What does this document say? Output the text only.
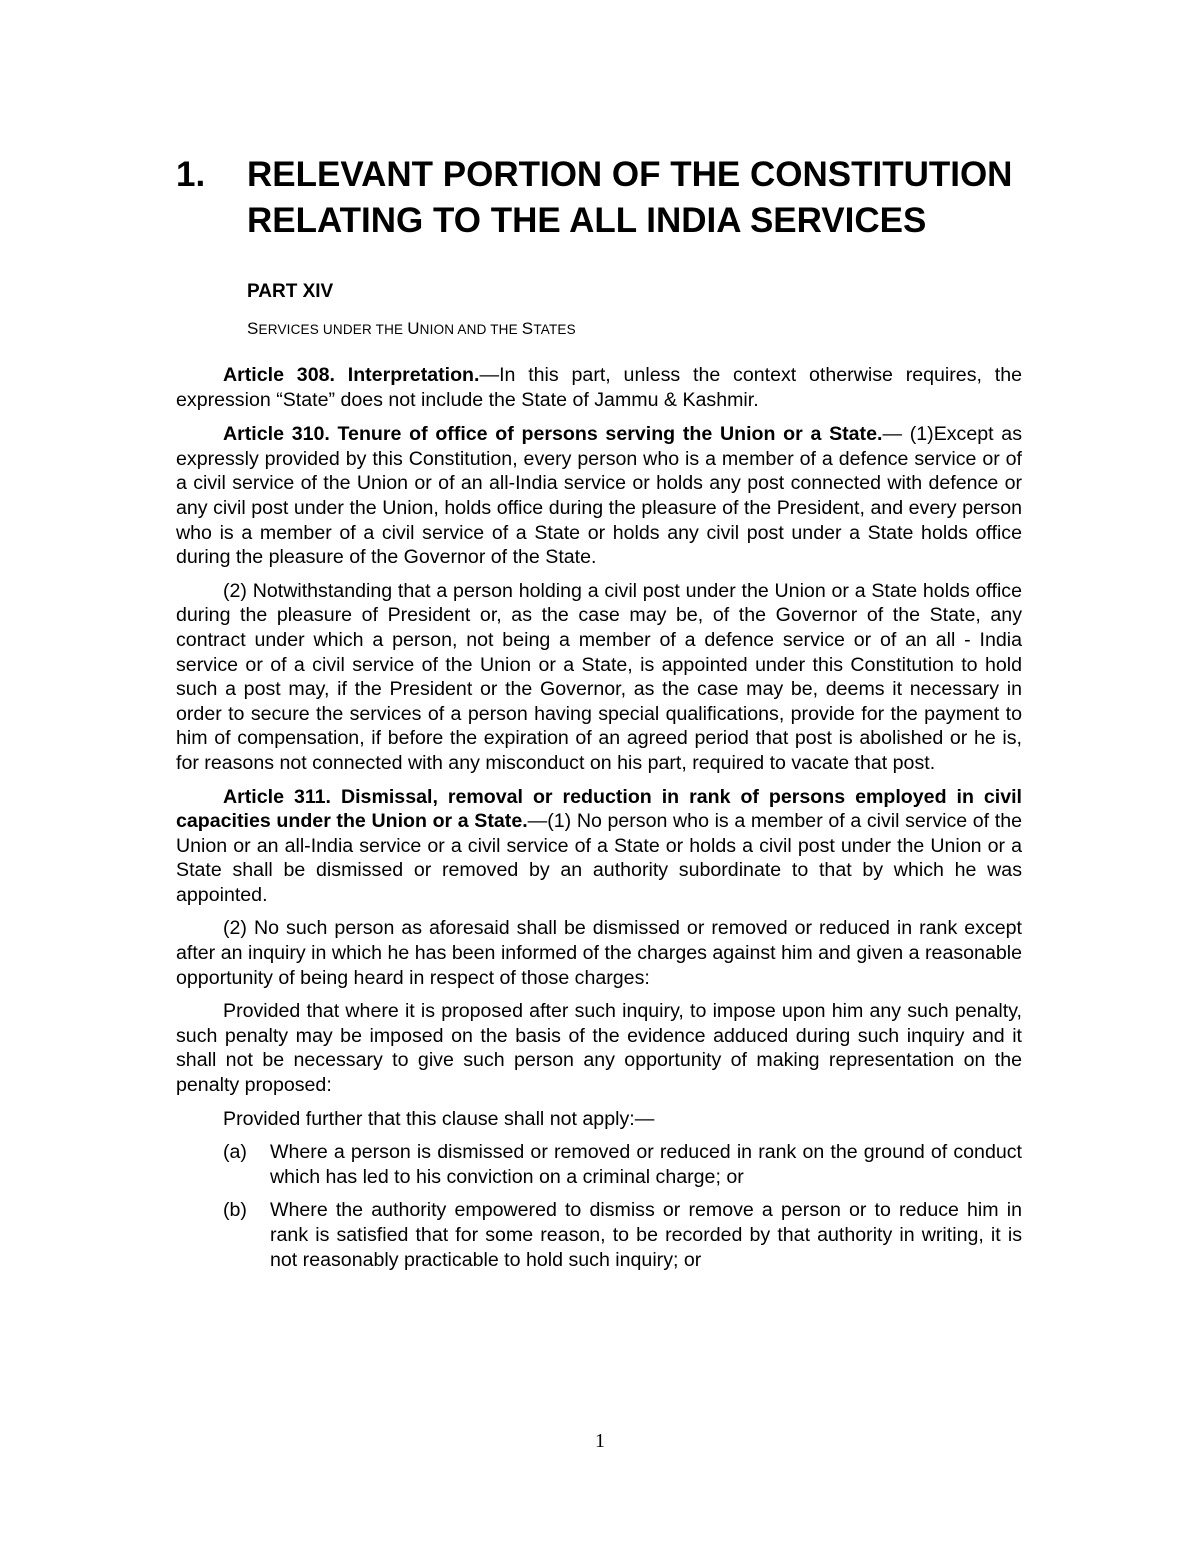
1. RELEVANT PORTION OF THE CONSTITUTION RELATING TO THE ALL INDIA SERVICES
PART XIV
SERVICES UNDER THE UNION AND THE STATES

Article 308. Interpretation.—In this part, unless the context otherwise requires, the expression “State” does not include the State of Jammu & Kashmir.

Article 310. Tenure of office of persons serving the Union or a State.— (1)Except as expressly provided by this Constitution, every person who is a member of a defence service or of a civil service of the Union or of an all-India service or holds any post connected with defence or any civil post under the Union, holds office during the pleasure of the President, and every person who is a member of a civil service of a State or holds any civil post under a State holds office during the pleasure of the Governor of the State.

(2) Notwithstanding that a person holding a civil post under the Union or a State holds office during the pleasure of President or, as the case may be, of the Governor of the State, any contract under which a person, not being a member of a defence service or of an all - India service or of a civil service of the Union or a State, is appointed under this Constitution to hold such a post may, if the President or the Governor, as the case may be, deems it necessary in order to secure the services of a person having special qualifications, provide for the payment to him of compensation, if before the expiration of an agreed period that post is abolished or he is, for reasons not connected with any misconduct on his part, required to vacate that post.

Article 311. Dismissal, removal or reduction in rank of persons employed in civil capacities under the Union or a State.—(1) No person who is a member of a civil service of the Union or an all-India service or a civil service of a State or holds a civil post under the Union or a State shall be dismissed or removed by an authority subordinate to that by which he was appointed.

(2) No such person as aforesaid shall be dismissed or removed or reduced in rank except after an inquiry in which he has been informed of the charges against him and given a reasonable opportunity of being heard in respect of those charges:

Provided that where it is proposed after such inquiry, to impose upon him any such penalty, such penalty may be imposed on the basis of the evidence adduced during such inquiry and it shall not be necessary to give such person any opportunity of making representation on the penalty proposed:

Provided further that this clause shall not apply:—

(a) Where a person is dismissed or removed or reduced in rank on the ground of conduct which has led to his conviction on a criminal charge; or
(b) Where the authority empowered to dismiss or remove a person or to reduce him in rank is satisfied that for some reason, to be recorded by that authority in writing, it is not reasonably practicable to hold such inquiry; or
1
